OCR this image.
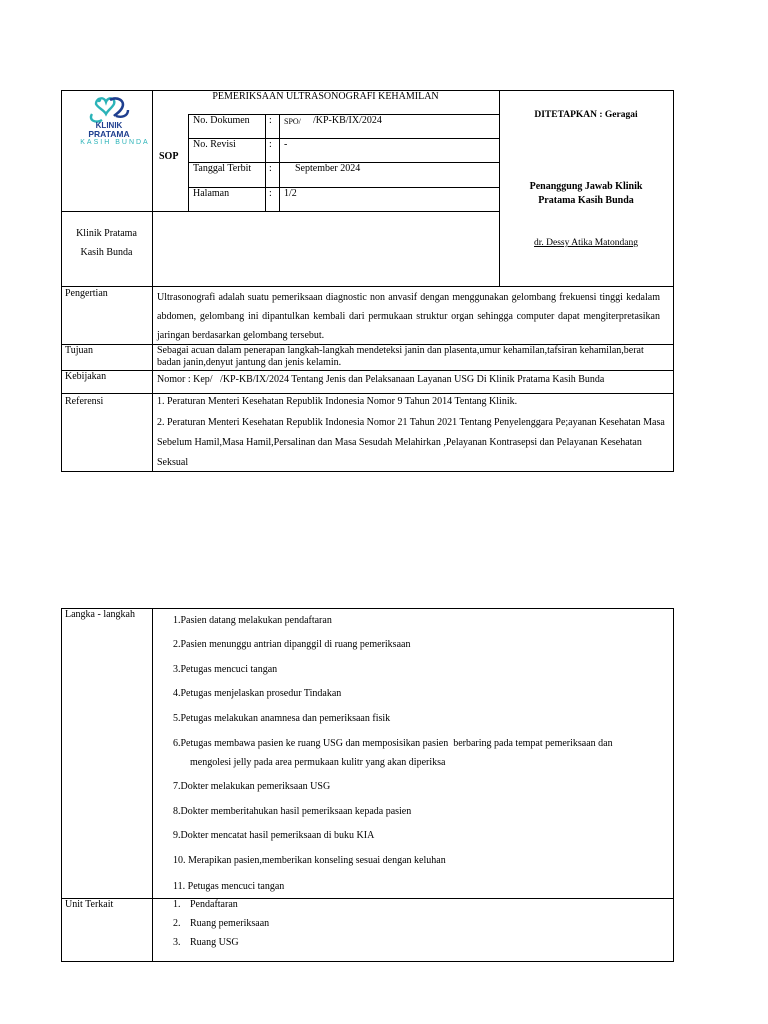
KLINIK
PRATAMA
KASIH BUNDA
PEMERIKSAAN ULTRASONOGRAFI KEHAMILAN
SOP
No. Dokumen : SPO/ /KP-KB/IX/2024
No. Revisi	: -
Tanggal Terbit : September 2024
Halaman	: 1/2
Klinik Pratama
Kasih Bunda
DITETAPKAN : Geragai
Penanggung Jawab Klinik
Pratama Kasih Bunda
dr. Dessy Atika Matondang
Pengertian	Ultrasonografi adalah suatu pemeriksaan diagnostic non anvasif dengan menggunakan gelombang frekuensi tinggi kedalam abdomen, gelombang ini dipantulkan kembali dari permukaan struktur organ sehingga computer dapat mengiterpretasikan jaringan berdasarkan gelombang tersebut.
Tujuan	Sebagai acuan dalam penerapan langkah-langkah mendeteksi janin dan plasenta,umur kehamilan,tafsiran kehamilan,berat badan janin,denyut jantung dan jenis kelamin.
Kebijakan	Nomor : Kep/   /KP-KB/IX/2024 Tentang Jenis dan Pelaksanaan Layanan USG Di Klinik Pratama Kasih Bunda
Referensi	1. Peraturan Menteri Kesehatan Republik Indonesia Nomor 9 Tahun 2014 Tentang Klinik.
2. Peraturan Menteri Kesehatan Republik Indonesia Nomor 21 Tahun 2021 Tentang Penyelenggara Pe;ayanan Kesehatan Masa Sebelum Hamil,Masa Hamil,Persalinan dan Masa Sesudah Melahirkan ,Pelayanan Kontrasepsi dan Pelayanan Kesehatan Seksual
Langka - langkah
1.Pasien datang melakukan pendaftaran
2.Pasien menunggu antrian dipanggil di ruang pemeriksaan
3.Petugas mencuci tangan
4.Petugas menjelaskan prosedur Tindakan
5.Petugas melakukan anamnesa dan pemeriksaan fisik
6.Petugas membawa pasien ke ruang USG dan memposisikan pasien  berbaring pada tempat pemeriksaan dan
mengolesi jelly pada area permukaan kulitr yang akan diperiksa
7.Dokter melakukan pemeriksaan USG
8.Dokter memberitahukan hasil pemeriksaan kepada pasien
9.Dokter mencatat hasil pemeriksaan di buku KIA
10. Merapikan pasien,memberikan konseling sesuai dengan keluhan
11. Petugas mencuci tangan
Unit Terkait	1. Pendaftaran
2. Ruang pemeriksaan
3. Ruang USG
